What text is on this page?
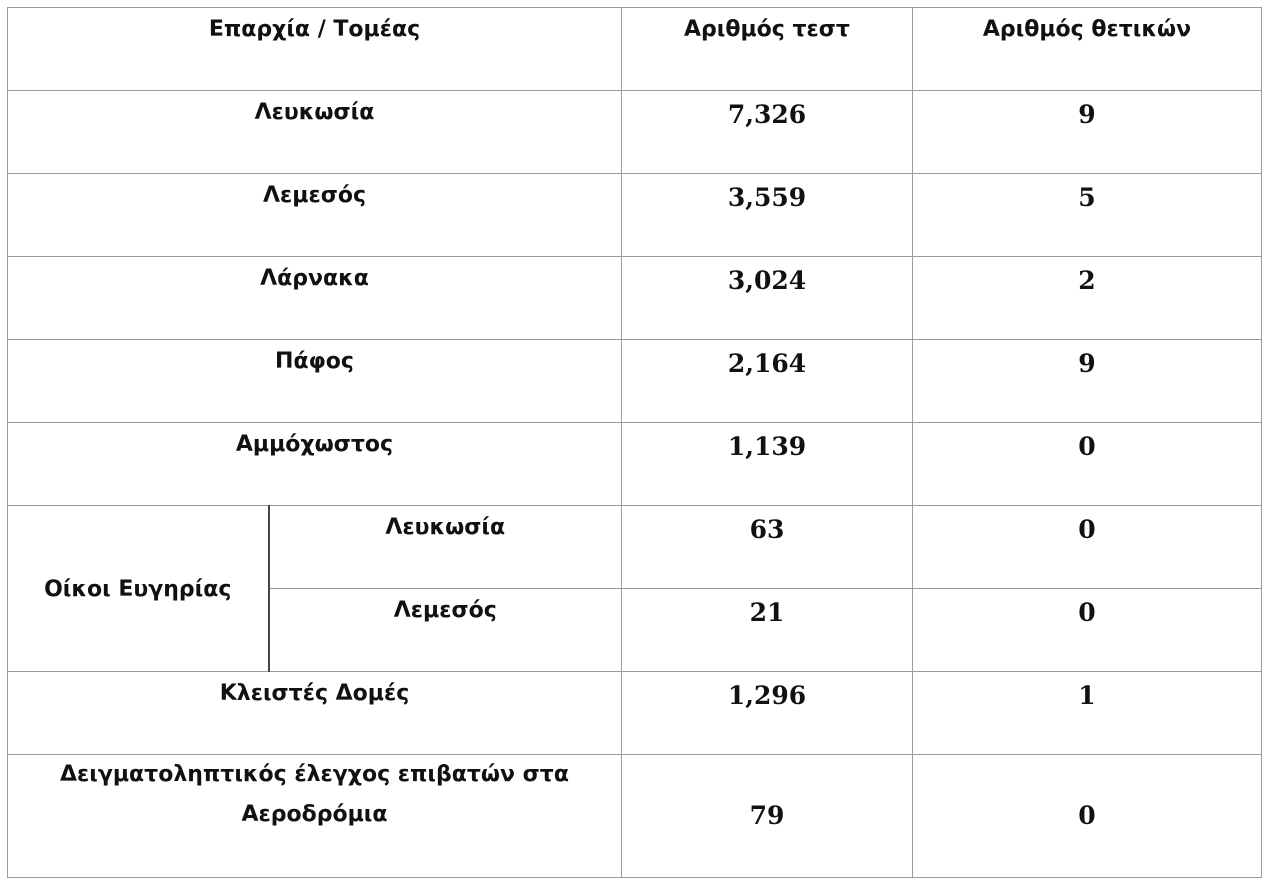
Επαρχία / Τομέας		Αριθμός τεστ	Αριθμός θετικών

Λευκωσία		7,326	9

Λεμεσός		3,559	5

Λάρνακα		3,024	2

Πάφος		2,164	9

Αμμόχωστος		1,139	0

Οίκοι Ευγηρίας	Λευκωσία	63	0

	Λεμεσός	21	0

Κλειστές Δομές		1,296	1

Δειγματοληπτικός έλεγχος επιβατών στα
Αεροδρόμια		79	0
